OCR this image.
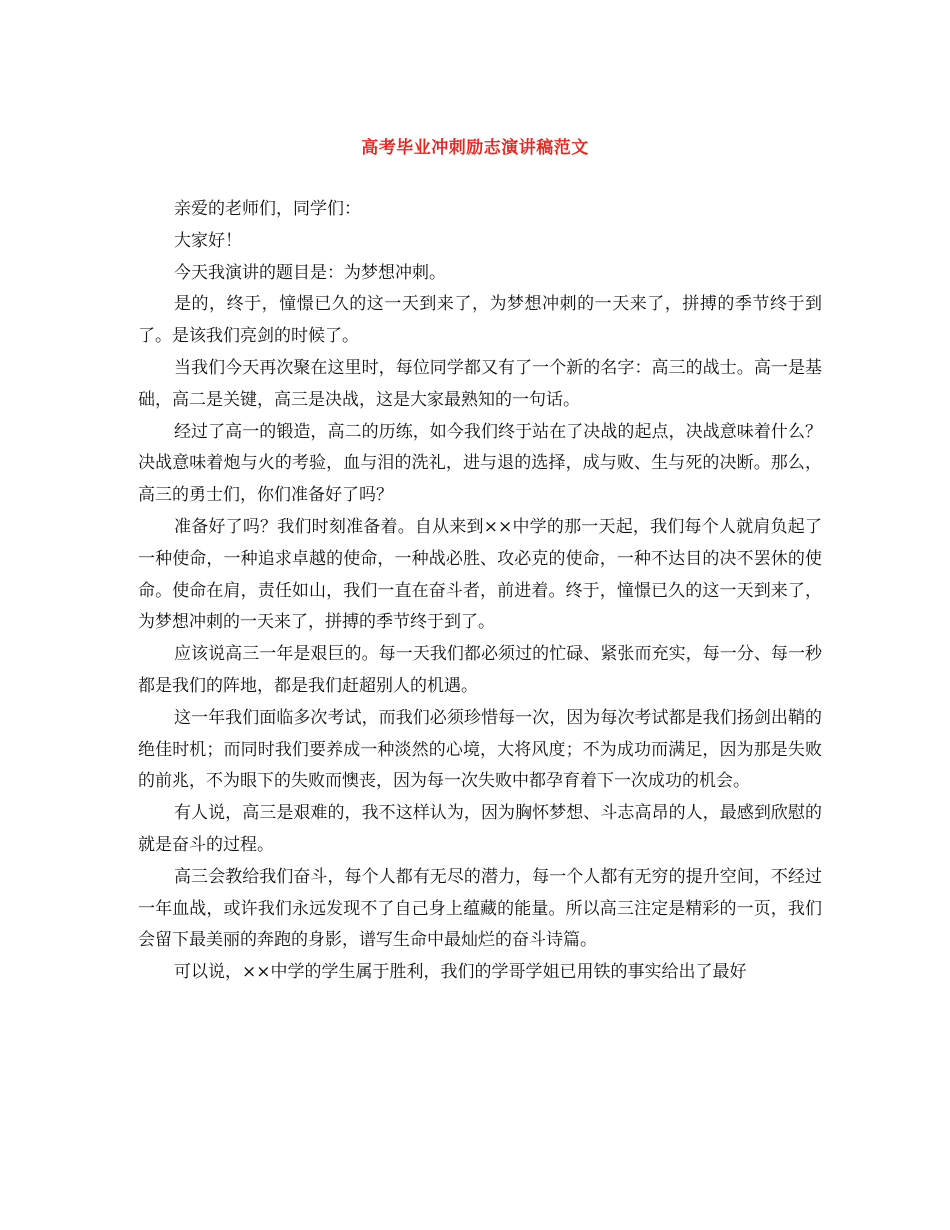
高考毕业冲刺励志演讲稿范文

亲爱的老师们，同学们：

大家好！

今天我演讲的题目是：为梦想冲刺。

是的，终于，憧憬已久的这一天到来了，为梦想冲刺的一天来了，拼搏的季节终于到了。是该我们亮剑的时候了。

当我们今天再次聚在这里时，每位同学都又有了一个新的名字：高三的战士。高一是基础，高二是关键，高三是决战，这是大家最熟知的一句话。

经过了高一的锻造，高二的历练，如今我们终于站在了决战的起点，决战意味着什么？决战意味着炮与火的考验，血与泪的洗礼，进与退的选择，成与败、生与死的决断。那么，高三的勇士们，你们准备好了吗？

准备好了吗？我们时刻准备着。自从来到××中学的那一天起，我们每个人就肩负起了一种使命，一种追求卓越的使命，一种战必胜、攻必克的使命，一种不达目的决不罢休的使命。使命在肩，责任如山，我们一直在奋斗者，前进着。终于，憧憬已久的这一天到来了，为梦想冲刺的一天来了，拼搏的季节终于到了。

应该说高三一年是艰巨的。每一天我们都必须过的忙碌、紧张而充实，每一分、每一秒都是我们的阵地，都是我们赶超别人的机遇。

这一年我们面临多次考试，而我们必须珍惜每一次，因为每次考试都是我们扬剑出鞘的绝佳时机；而同时我们要养成一种淡然的心境，大将风度；不为成功而满足，因为那是失败的前兆，不为眼下的失败而懊丧，因为每一次失败中都孕育着下一次成功的机会。

有人说，高三是艰难的，我不这样认为，因为胸怀梦想、斗志高昂的人，最感到欣慰的就是奋斗的过程。

高三会教给我们奋斗，每个人都有无尽的潜力，每一个人都有无穷的提升空间，不经过一年血战，或许我们永远发现不了自己身上蕴藏的能量。所以高三注定是精彩的一页，我们会留下最美丽的奔跑的身影，谱写生命中最灿烂的奋斗诗篇。

可以说，××中学的学生属于胜利，我们的学哥学姐已用铁的事实给出了最好
